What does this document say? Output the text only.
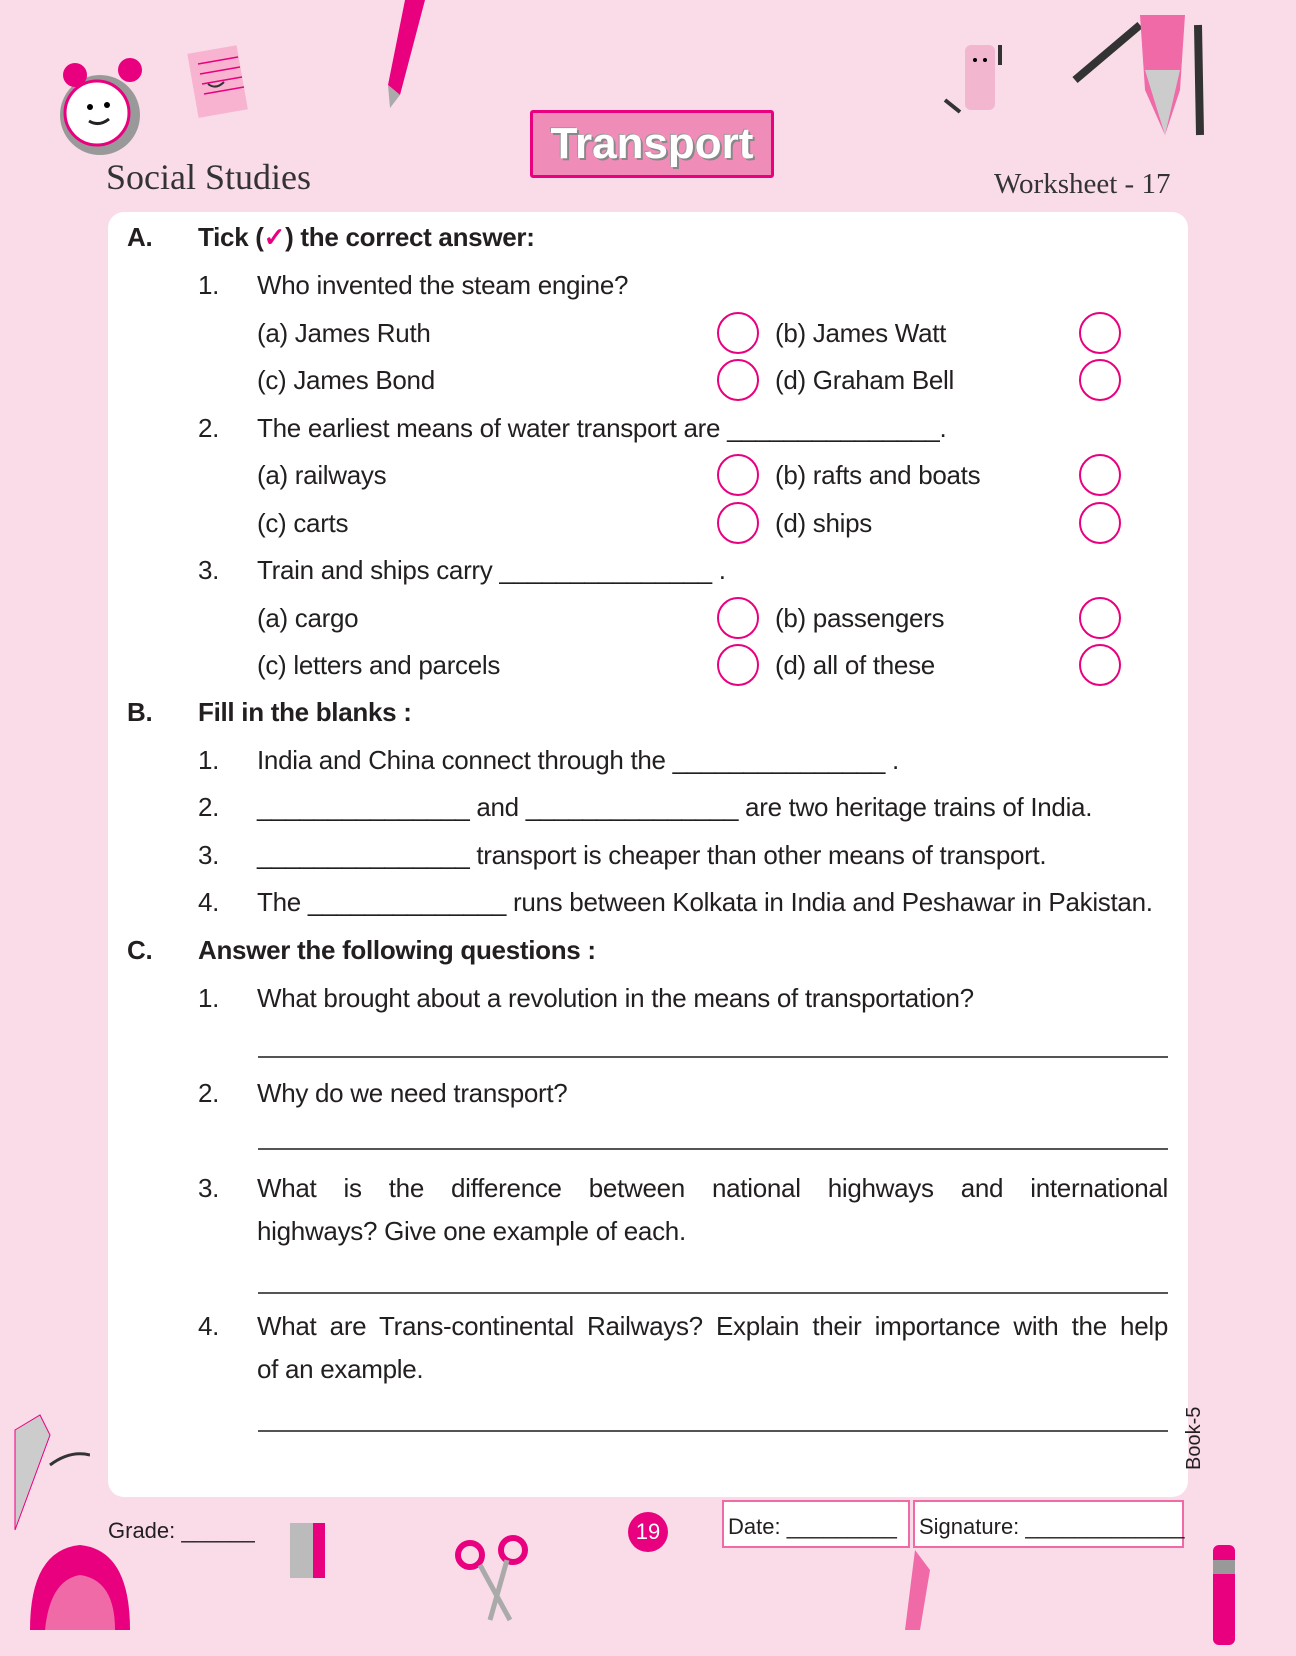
Social Studies
Transport
Worksheet - 17
A. Tick (✓) the correct answer:
Grade: ______	19	Date: _________	Signature: _____________
Book-5
1. Who invented the steam engine?
(a) James Ruth	(b) James Watt
(c) James Bond	(d) Graham Bell
2. The earliest means of water transport are _______________.
(a) railways	(b) rafts and boats
(c) carts	(d) ships
3. Train and ships carry _______________ .
(a) cargo	(b) passengers
(c) letters and parcels	(d) all of these
B. Fill in the blanks :
1. India and China connect through the _______________ .
2. _______________ and _______________ are two heritage trains of India.
3. _______________ transport is cheaper than other means of transport.
4. The ______________ runs between Kolkata in India and Peshawar in Pakistan.
C. Answer the following questions :
1. What brought about a revolution in the means of transportation?
2. Why do we need transport?
3. What is the difference between national highways and international
highways? Give one example of each.
4. What are Trans-continental Railways? Explain their importance with the help
of an example.
